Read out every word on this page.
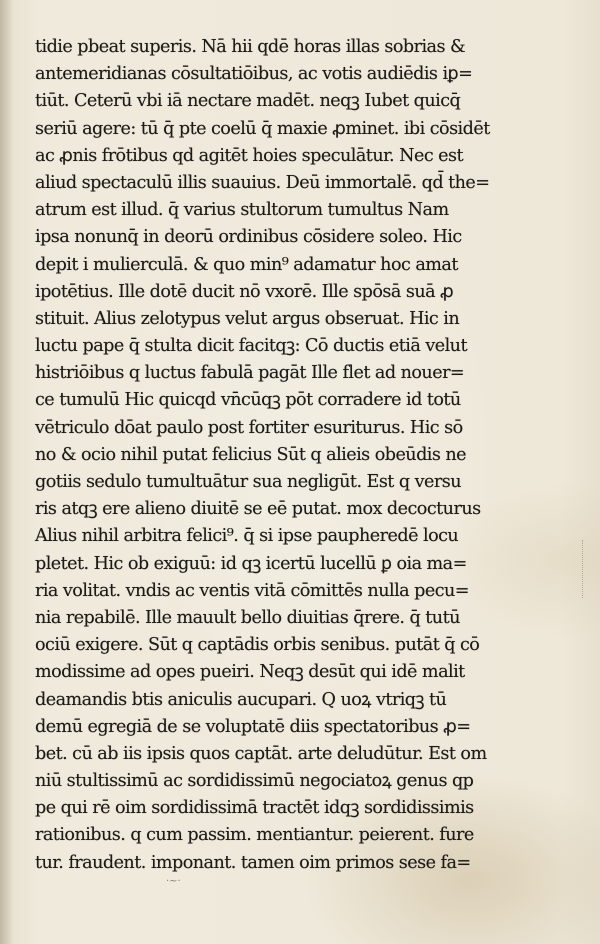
tidie pbeat superis. Nā hii qdē horas illas sobrias &
antemeridianas cōsultatiōibus, ac votis audiēdis iꝑ=
tiūt. Ceterū vbi iā nectare madēt. neqꝫ Iubet quicq̄
seriū agere: tū q̄ pte coelū q̄ maxie ꝓminet. ibi cōsidēt
ac ꝓnis frōtibus qd agitēt hoies speculātur. Nec est
aliud spectaculū illis suauius. Deū immortalē. qd̄ the=
atrum est illud. q̄ varius stultorum tumultus Nam
ipsa nonunq̄ in deorū ordinibus cōsidere soleo. Hic
depit i mulierculā. & quo min⁹ adamatur hoc amat
ipotētius. Ille dotē ducit nō vxorē. Ille spōsā suā ꝓ
stituit. Alius zelotypus velut argus obseruat. Hic in
luctu pape q̄ stulta dicit facitqꝫ: Cō ductis etiā velut
histriōibus q luctus fabulā pagāt Ille flet ad nouer=
ce tumulū Hic quicqd vn̄cūqꝫ pōt corradere id totū
vētriculo dōat paulo post fortiter esuriturus. Hic sō
no & ocio nihil putat felicius Sūt q alieis obeūdis ne
gotiis sedulo tumultuātur sua negligūt. Est q versu
ris atqꝫ ere alieno diuitē se eē putat. mox decocturus
Alius nihil arbitra felici⁹. q̄ si ipse paupheredē locu
pletet. Hic ob exiguū: id qꝫ icertū lucellū ꝑ oia ma=
ria volitat. vndis ac ventis vitā cōmittēs nulla pecu=
nia repabilē. Ille mauult bello diuitias q̄rere. q̄ tutū
ociū exigere. Sūt q captādis orbis senibus. putāt q̄ cō
modissime ad opes pueiri. Neqꝫ desūt qui idē malit
deamandis btis aniculis aucupari. Q uoꝝ vtriqꝫ tū
demū egregiā de se voluptatē diis spectatoribus ꝓ=
bet. cū ab iis ipsis quos captāt. arte deludūtur. Est om
niū stultissimū ac sordidissimū negociatoꝝ genus qp
pe qui rē oim sordidissimā tractēt idqꝫ sordidissimis
rationibus. q cum passim. mentiantur. peierent. fure
tur. fraudent. imponant. tamen oim primos sese fa=
·~·
